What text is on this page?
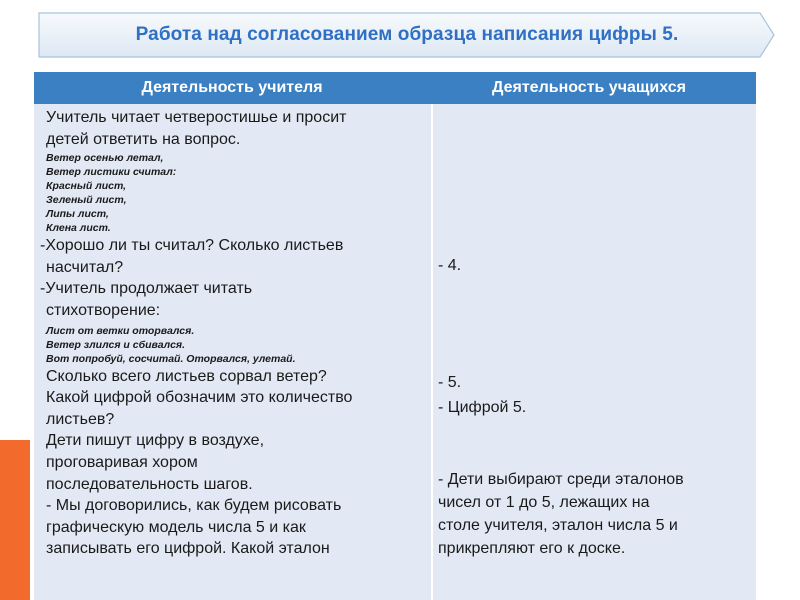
Работа над согласованием образца написания цифры 5.
Деятельность учителя	Деятельность учащихся

Учитель читает четверостишье и просит
детей ответить на вопрос.

Ветер осенью летал,

Ветер листики считал:

Красный лист,

Зеленый лист,

Липы лист,

Клена лист.

-Хорошо ли ты считал? Сколько листьев
насчитал?

-Учитель продолжает читать
стихотворение:

Лист от ветки оторвался.

Ветер злился и сбивался.

Вот попробуй, сосчитай. Оторвался, улетай.

Сколько всего листьев сорвал ветер?

Какой цифрой обозначим это количество
листьев?

Дети пишут цифру в воздухе,
проговаривая хором
последовательность шагов.

- Мы договорились, как будем рисовать
графическую модель числа 5 и как
записывать его цифрой. Какой эталон

- 4.

- 5.

- Цифрой 5.

- Дети выбирают среди эталонов
чисел от 1 до 5, лежащих на
столе учителя, эталон числа 5 и
прикрепляют его к доске.
